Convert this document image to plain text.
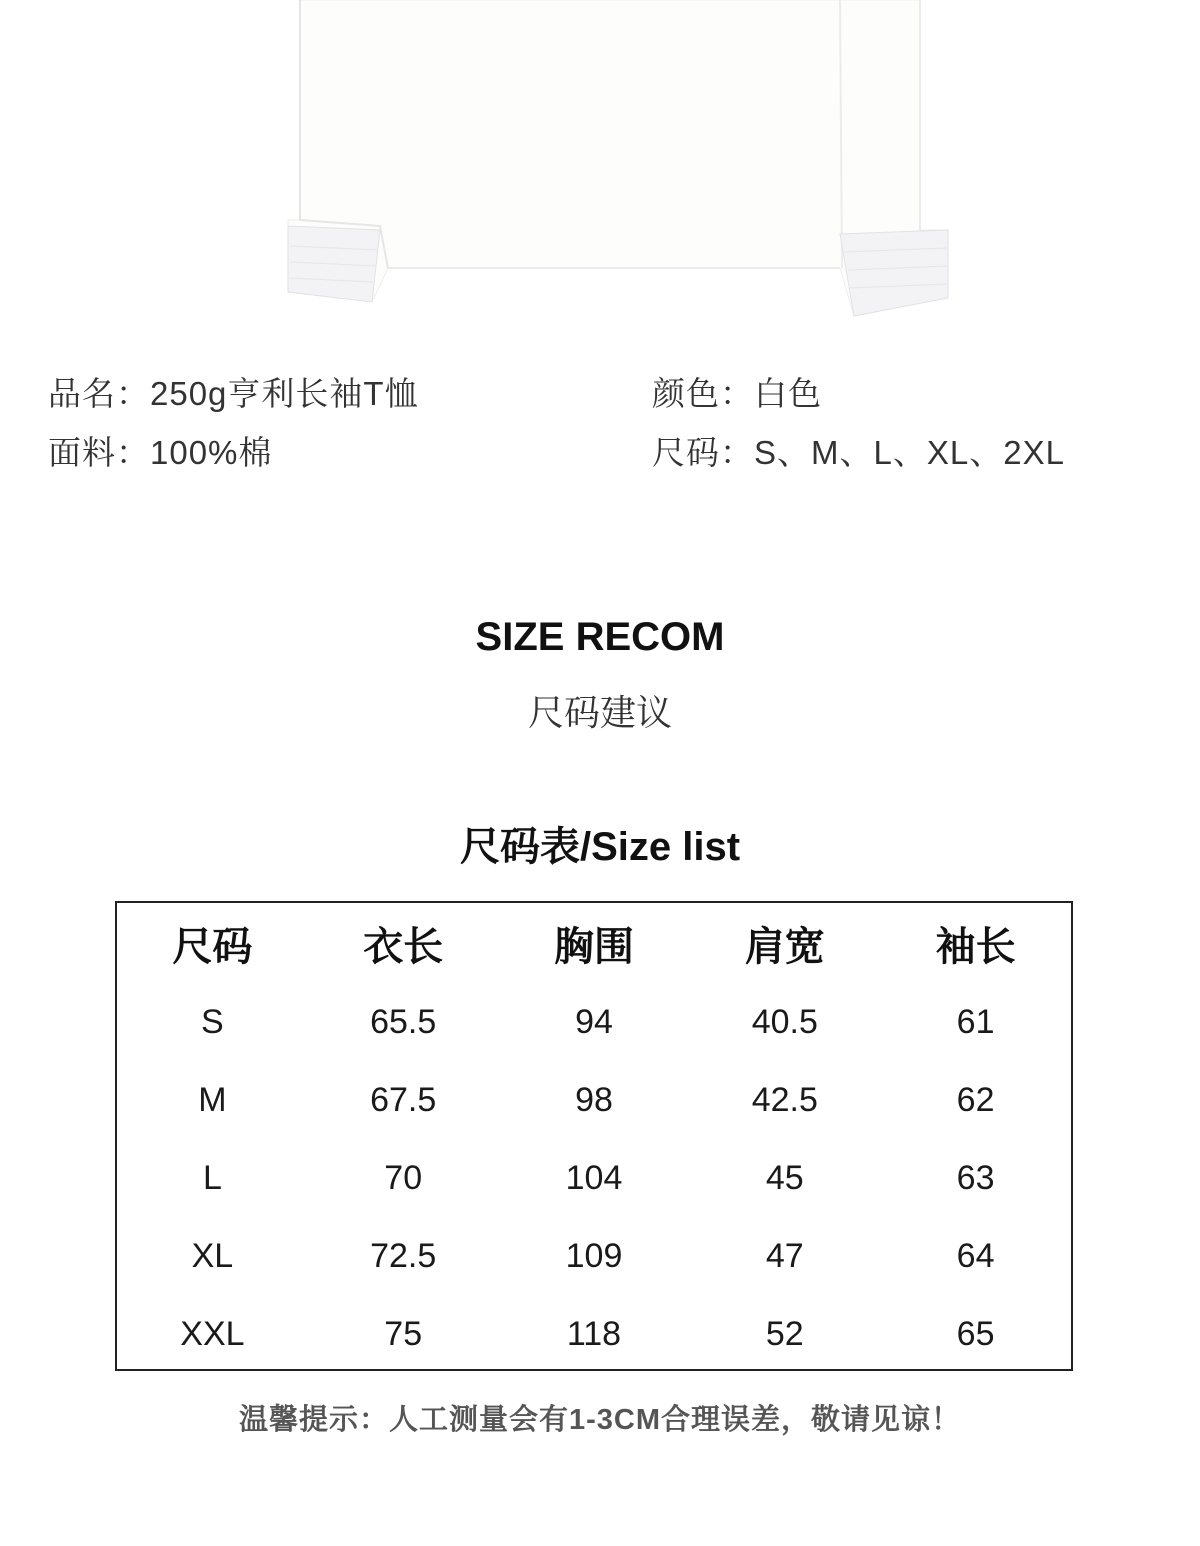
品名：250g亨利长袖T恤	颜色：白色
面料：100%棉	尺码：S、M、L、XL、2XL
SIZE RECOM
尺码建议
尺码表/Size list
尺码	衣长	胸围	肩宽	袖长
S	65.5	94	40.5	61
M	67.5	98	42.5	62
L	70	104	45	63
XL	72.5	109	47	64
XXL	75	118	52	65
温馨提示：人工测量会有1-3CM合理误差，敬请见谅！
